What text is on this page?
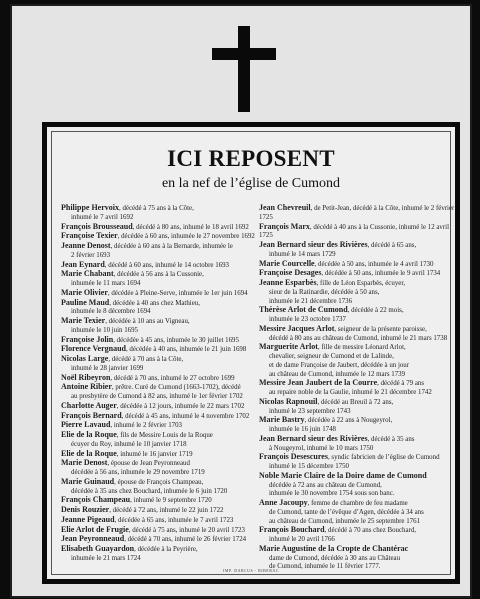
ICI REPOSENT
en la nef de l’église de Cumond
Philippe Hervoix, décédé à 75 ans à la Côte,
inhumé le 7 avril 1692
François Brousseaud, décédé à 80 ans, inhumé le 18 avril 1692
Françoise Texier, décédée à 60 ans, inhumée le 27 novembre 1692
Jeanne Denost, décédée à 60 ans à la Bernarde, inhumée le
2 février 1693
Jean Eynard, décédé à 60 ans, inhumé le 14 octobre 1693
Marie Chabant, décédée à 56 ans à la Cussonie,
inhumée le 11 mars 1694
Marie Olivier, décédée à Pleine-Serve, inhumée le 1er juin 1694
Pauline Maud, décédée à 40 ans chez Mathieu,
inhumée le 8 décembre 1694
Marie Texier, décédée à 10 ans au Vigneau,
inhumée le 10 juin 1695
Françoise Jolin, décédée à 45 ans, inhumée le 30 juillet 1695
Florence Vergnaud, décédée à 40 ans, inhumée le 21 juin 1698
Nicolas Large, décédé à 70 ans à la Côte,
inhumé le 28 janvier 1699
Noël Ribeyron, décédé à 70 ans, inhumé le 27 octobre 1699
Antoine Ribier, prêtre. Curé de Cumond (1663-1702), décédé
au presbytère de Cumond à 82 ans, inhumé le 1er février 1702
Charlotte Auger, décédée à 12 jours, inhumée le 22 mars 1702
François Bernard, décédé à 45 ans, inhumé le 4 novembre 1702
Pierre Lavaud, inhumé le 2 février 1703
Elie de la Roque, fils de Messire Louis de la Roque
écuyer du Roy, inhumé le 10 janvier 1718
Elie de la Roque, inhumé le 16 janvier 1719
Marie Denost, épouse de Jean Peyronneaud
décédée à 56 ans, inhumée le 29 novembre 1719
Marie Guinaud, épouse de François Champeau,
décédée à 35 ans chez Bouchard, inhumée le 6 juin 1720
François Champeau, inhumé le 9 septembre 1720
Denis Rouzier, décédé à 72 ans, inhumé le 22 juin 1722
Jeanne Pigeaud, décédée à 65 ans, inhumée le 7 avril 1723
Elie Arlot de Frugie, décédé à 75 ans, inhumé le 20 avril 1723
Jean Peyronneaud, décédé à 70 ans, inhumé le 26 février 1724
Elisabeth Guayardon, décédée à la Peyrière,
inhumée le 21 mars 1724
Jean Chevreuil, de Petit-Jean, décédé à la Côte, inhumé le 2 février 1725
François Marx, décédé à 40 ans à la Cussonie, inhumé le 12 avril 1725
Jean Bernard sieur des Rivières, décédé à 65 ans,
inhumé le 14 mars 1729
Marie Courcelle, décédée à 50 ans, inhumée le 4 avril 1730
Françoise Desages, décédée à 50 ans, inhumée le 9 avril 1734
Jeanne Esparbès, fille de Léon Esparbès, écuyer,
sieur de la Ratinardie, décédée à 50 ans,
inhumée le 21 décembre 1736
Thérèse Arlot de Cumond, décédée à 22 mois,
inhumée le 23 octobre 1737
Messire Jacques Arlot, seigneur de la présente paroisse,
décédé à 80 ans au château de Cumond, inhumé le 21 mars 1738
Marguerite Arlot, fille de messire Léonard Arlot,
chevalier, seigneur de Cumond et de Lalinde,
et de dame Françoise de Jaubert, décédée à un jour
au château de Cumond, inhumée le 12 mars 1739
Messire Jean Jaubert de la Courre, décédé à 79 ans
au repaire noble de la Gaulie, inhumé le 21 décembre 1742
Nicolas Rapnouil, décédé au Breuil à 72 ans,
inhumé le 23 septembre 1743
Marie Bastry, décédée à 22 ans à Nougeyrol,
inhumée le 16 juin 1748
Jean Bernard sieur des Rivières, décédé à 35 ans
à Nougeyrol, inhumé le 10 mars 1750
François Desescures, syndic fabricien de l’église de Cumond
inhumé le 15 décembre 1750
Noble Marie Claire de la Doire dame de Cumond

décédée à 72 ans au château de Cumond,
inhumée le 30 novembre 1754 sous son banc.
Anne Jacoupy, femme de chambre de feu madame
de Cumond, tante de l’évêque d’Agen, décédée à 34 ans
au château de Cumond, inhumée le 25 septembre 1761
François Bouchard, décédé à 70 ans chez Bouchard,
inhumé le 20 avril 1766
Marie Augustine de la Cropte de Chantérac

dame de Cumond, décédée à 30 ans au Château
de Cumond, inhumée le 11 février 1777.
IMP. DARLUS - RIBERAC
